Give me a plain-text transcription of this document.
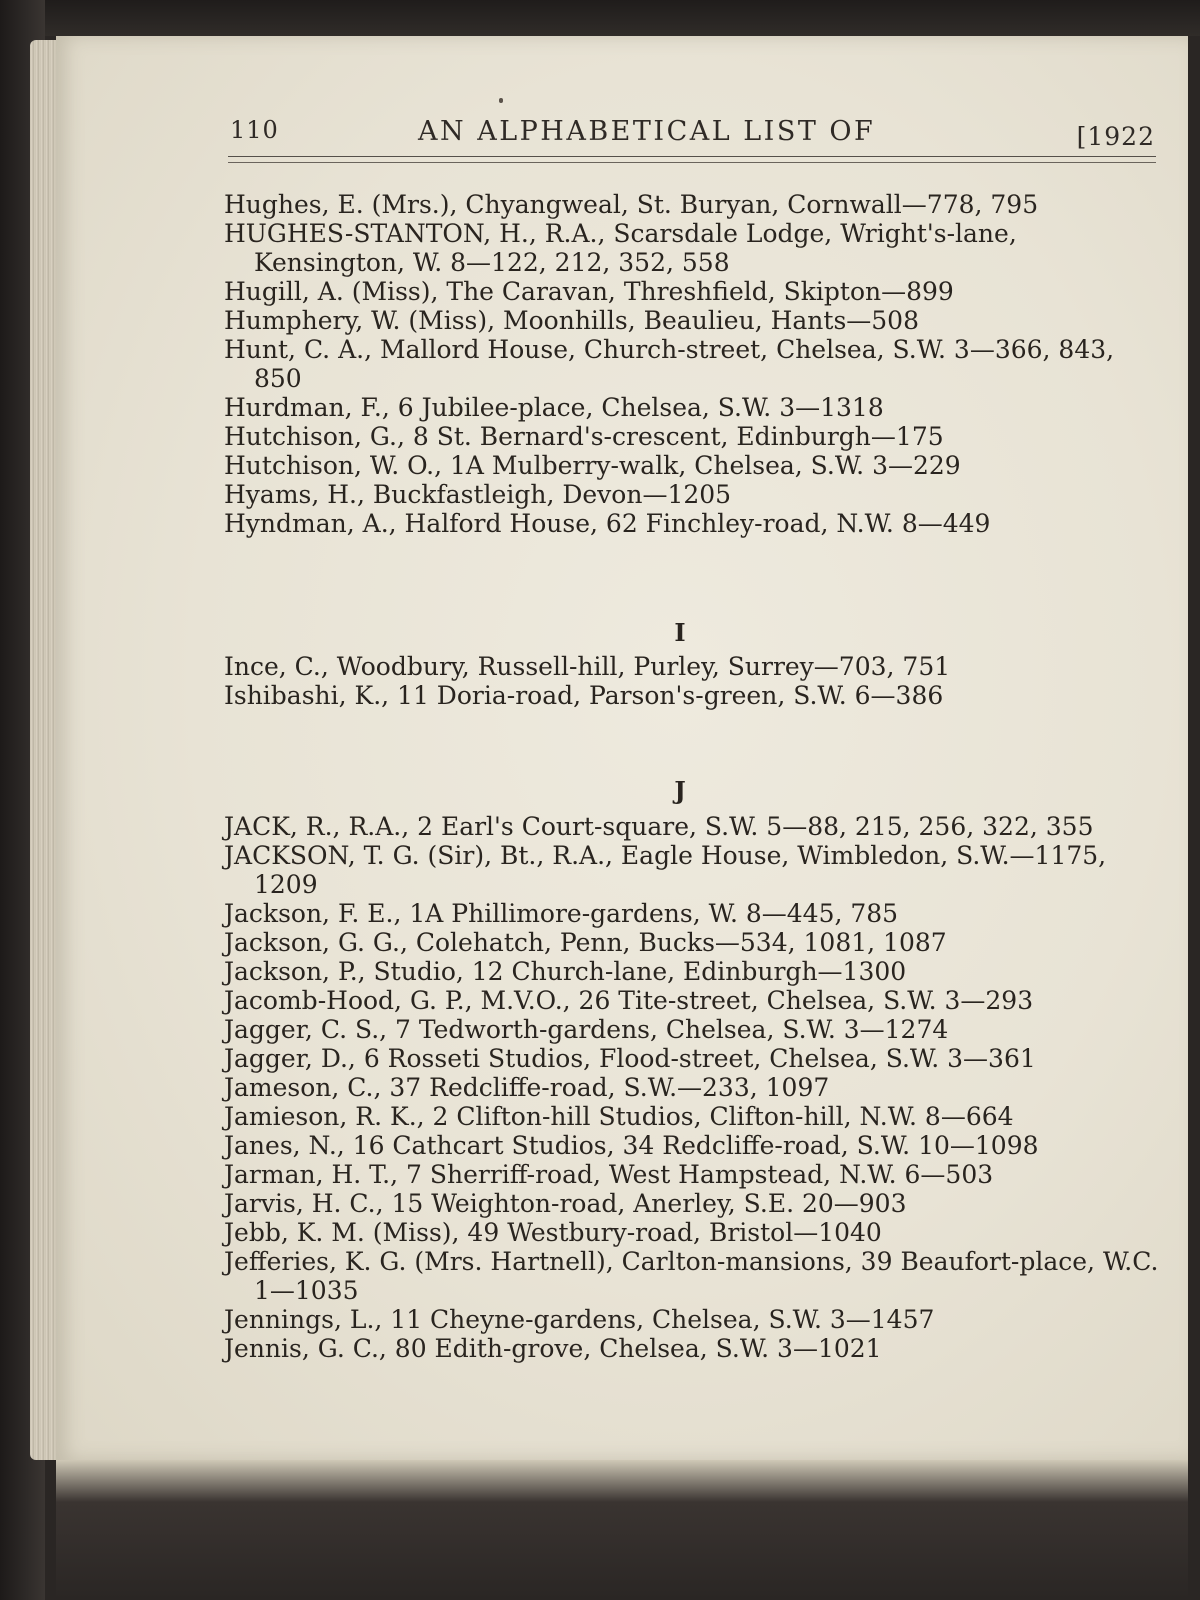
110	AN ALPHABETICAL LIST OF	[1922

Hughes, E. (Mrs.), Chyangweal, St. Buryan, Cornwall—778, 795

HUGHES-STANTON, H., R.A., Scarsdale Lodge, Wright's-lane, Kensington, W. 8—122, 212, 352, 558

Hugill, A. (Miss), The Caravan, Threshfield, Skipton—899

Humphery, W. (Miss), Moonhills, Beaulieu, Hants—508

Hunt, C. A., Mallord House, Church-street, Chelsea, S.W. 3—366, 843, 850

Hurdman, F., 6 Jubilee-place, Chelsea, S.W. 3—1318

Hutchison, G., 8 St. Bernard's-crescent, Edinburgh—175

Hutchison, W. O., 1A Mulberry-walk, Chelsea, S.W. 3—229

Hyams, H., Buckfastleigh, Devon—1205

Hyndman, A., Halford House, 62 Finchley-road, N.W. 8—449

I

Ince, C., Woodbury, Russell-hill, Purley, Surrey—703, 751

Ishibashi, K., 11 Doria-road, Parson's-green, S.W. 6—386

J

JACK, R., R.A., 2 Earl's Court-square, S.W. 5—88, 215, 256, 322, 355

JACKSON, T. G. (Sir), Bt., R.A., Eagle House, Wimbledon, S.W.—1175, 1209

Jackson, F. E., 1A Phillimore-gardens, W. 8—445, 785

Jackson, G. G., Colehatch, Penn, Bucks—534, 1081, 1087

Jackson, P., Studio, 12 Church-lane, Edinburgh—1300

Jacomb-Hood, G. P., M.V.O., 26 Tite-street, Chelsea, S.W. 3—293

Jagger, C. S., 7 Tedworth-gardens, Chelsea, S.W. 3—1274

Jagger, D., 6 Rosseti Studios, Flood-street, Chelsea, S.W. 3—361

Jameson, C., 37 Redcliffe-road, S.W.—233, 1097

Jamieson, R. K., 2 Clifton-hill Studios, Clifton-hill, N.W. 8—664

Janes, N., 16 Cathcart Studios, 34 Redcliffe-road, S.W. 10—1098

Jarman, H. T., 7 Sherriff-road, West Hampstead, N.W. 6—503

Jarvis, H. C., 15 Weighton-road, Anerley, S.E. 20—903

Jebb, K. M. (Miss), 49 Westbury-road, Bristol—1040

Jefferies, K. G. (Mrs. Hartnell), Carlton-mansions, 39 Beaufort-place, W.C. 1—1035

Jennings, L., 11 Cheyne-gardens, Chelsea, S.W. 3—1457

Jennis, G. C., 80 Edith-grove, Chelsea, S.W. 3—1021
